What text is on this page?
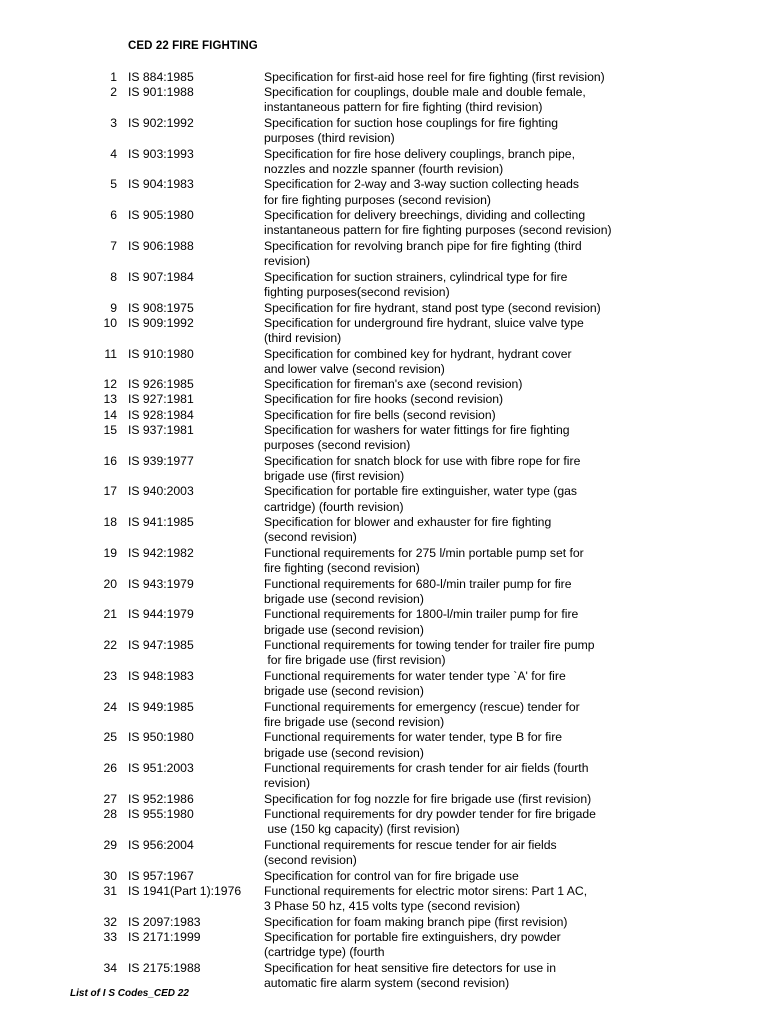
CED 22 FIRE FIGHTING
1 IS 884:1985	Specification for first-aid hose reel for fire fighting (first revision)
2 IS 901:1988	Specification for couplings, double male and double female,
instantaneous pattern for fire fighting (third revision)
3 IS 902:1992	Specification for suction hose couplings for fire fighting
purposes (third revision)
4 IS 903:1993	Specification for fire hose delivery couplings, branch pipe,
nozzles and nozzle spanner (fourth revision)
5 IS 904:1983	Specification for 2-way and 3-way suction collecting heads
for fire fighting purposes (second revision)
6 IS 905:1980	Specification for delivery breechings, dividing and collecting
instantaneous pattern for fire fighting purposes (second revision)
7 IS 906:1988	Specification for revolving branch pipe for fire fighting (third
revision)
8 IS 907:1984	Specification for suction strainers, cylindrical type for fire
fighting purposes(second revision)
9 IS 908:1975	Specification for fire hydrant, stand post type (second revision)
10 IS 909:1992	Specification for underground fire hydrant, sluice valve type
(third revision)
11 IS 910:1980	Specification for combined key for hydrant, hydrant cover
and lower valve (second revision)
12 IS 926:1985	Specification for fireman's axe (second revision)
13 IS 927:1981	Specification for fire hooks (second revision)
14 IS 928:1984	Specification for fire bells (second revision)
15 IS 937:1981	Specification for washers for water fittings for fire fighting
purposes (second revision)
16 IS 939:1977	Specification for snatch block for use with fibre rope for fire
brigade use (first revision)
17 IS 940:2003	Specification for portable fire extinguisher, water type (gas
cartridge) (fourth revision)
18 IS 941:1985	Specification for blower and exhauster for fire fighting
(second revision)
19 IS 942:1982	Functional requirements for 275 l/min portable pump set for
fire fighting (second revision)
20 IS 943:1979	Functional requirements for 680-l/min trailer pump for fire
brigade use (second revision)
21 IS 944:1979	Functional requirements for 1800-l/min trailer pump for fire
brigade use (second revision)
22 IS 947:1985	Functional requirements for towing tender for trailer fire pump
for fire brigade use (first revision)
23 IS 948:1983	Functional requirements for water tender type `A' for fire
brigade use (second revision)
24 IS 949:1985	Functional requirements for emergency (rescue) tender for
fire brigade use (second revision)
25 IS 950:1980	Functional requirements for water tender, type B for fire
brigade use (second revision)
26 IS 951:2003	Functional requirements for crash tender for air fields (fourth
revision)
27 IS 952:1986	Specification for fog nozzle for fire brigade use (first revision)
28 IS 955:1980	Functional requirements for dry powder tender for fire brigade
use (150 kg capacity) (first revision)
29 IS 956:2004	Functional requirements for rescue tender for air fields
(second revision)
30 IS 957:1967	Specification for control van for fire brigade use
31 IS 1941(Part 1):1976 Functional requirements for electric motor sirens: Part 1 AC,
3 Phase 50 hz, 415 volts type (second revision)
32 IS 2097:1983	Specification for foam making branch pipe (first revision)
33 IS 2171:1999	Specification for portable fire extinguishers, dry powder
(cartridge type) (fourth
34 IS 2175:1988	Specification for heat sensitive fire detectors for use in
automatic fire alarm system (second revision)
List of I S Codes_CED 22
